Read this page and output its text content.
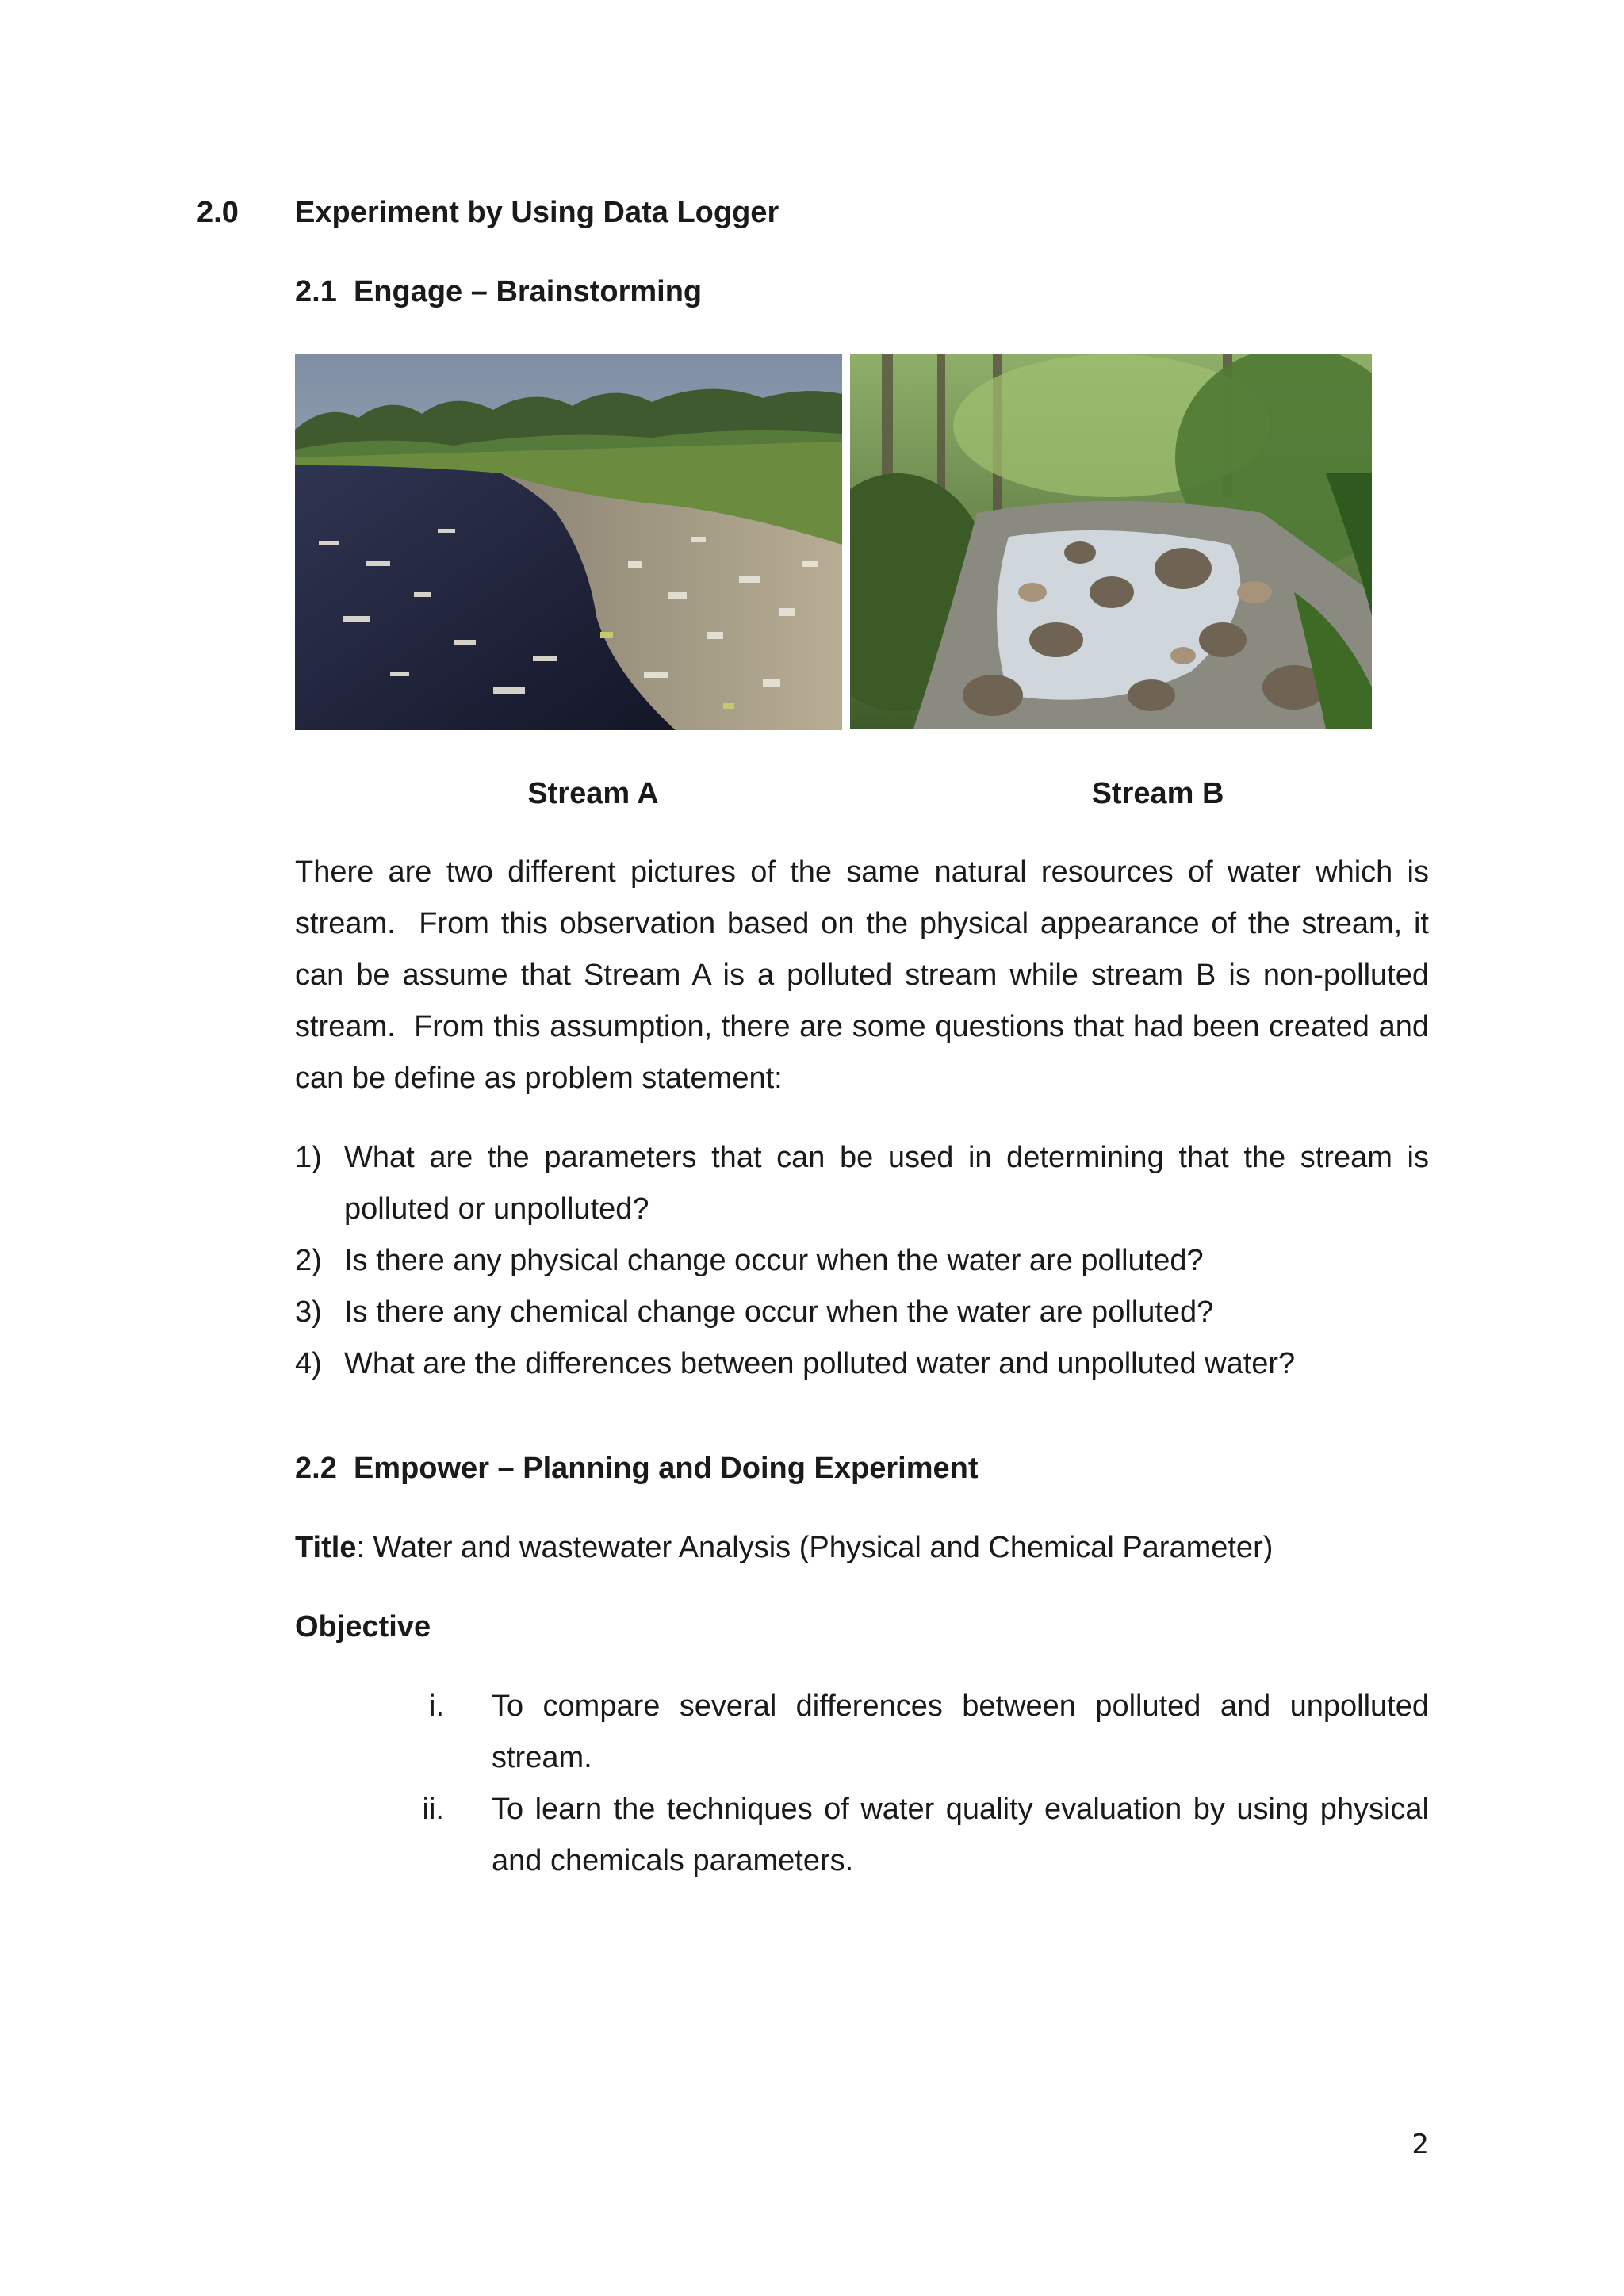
2.0 Experiment by Using Data Logger
2.1  Engage – Brainstorming
Stream A	Stream B
There are two different pictures of the same natural resources of water which is
stream.  From this observation based on the physical appearance of the stream, it
can be assume that Stream A is a polluted stream while stream B is non-polluted
stream.  From this assumption, there are some questions that had been created and
can be define as problem statement:
1) What are the parameters that can be used in determining that the stream is
polluted or unpolluted?
2) Is there any physical change occur when the water are polluted?
3) Is there any chemical change occur when the water are polluted?
4) What are the differences between polluted water and unpolluted water?
2.2  Empower – Planning and Doing Experiment
Title: Water and wastewater Analysis (Physical and Chemical Parameter)
Objective
i. To compare several differences between polluted and unpolluted
stream.
ii. To learn the techniques of water quality evaluation by using physical
and chemicals parameters.
2
